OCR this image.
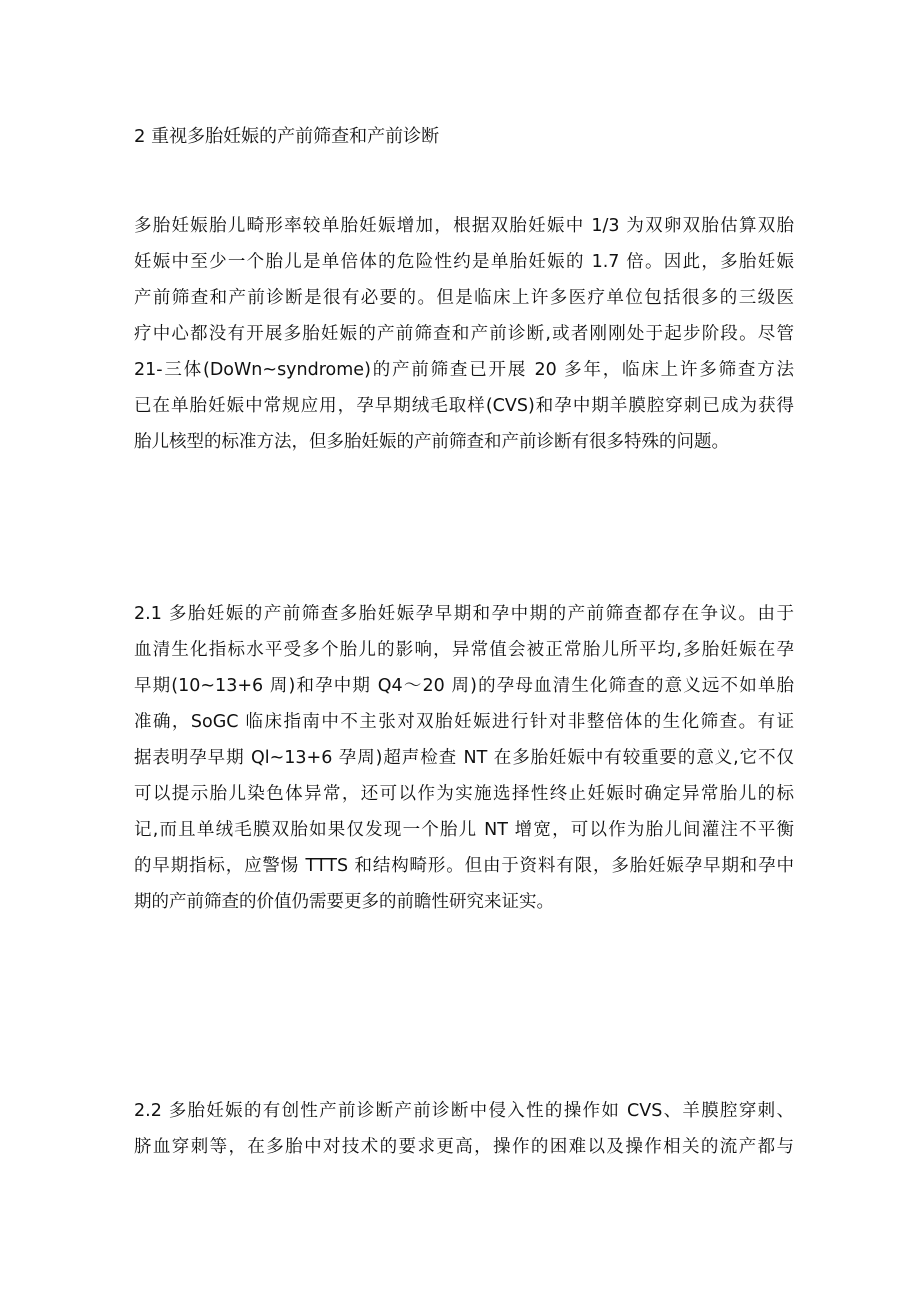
2 重视多胎妊娠的产前筛查和产前诊断
多胎妊娠胎儿畸形率较单胎妊娠增加，根据双胎妊娠中 1/3 为双卵双胎估算双胎
妊娠中至少一个胎儿是单倍体的危险性约是单胎妊娠的 1.7 倍。因此，多胎妊娠
产前筛查和产前诊断是很有必要的。但是临床上许多医疗单位包括很多的三级医
疗中心都没有开展多胎妊娠的产前筛查和产前诊断,或者刚刚处于起步阶段。尽管
21-三体(DoWn~syndrome)的产前筛查已开展 20 多年，临床上许多筛查方法
已在单胎妊娠中常规应用，孕早期绒毛取样(CVS)和孕中期羊膜腔穿刺已成为获得
胎儿核型的标准方法，但多胎妊娠的产前筛查和产前诊断有很多特殊的问题。
2.1 多胎妊娠的产前筛查多胎妊娠孕早期和孕中期的产前筛查都存在争议。由于
血清生化指标水平受多个胎儿的影响，异常值会被正常胎儿所平均,多胎妊娠在孕
早期(10~13+6 周)和孕中期 Q4～20 周)的孕母血清生化筛查的意义远不如单胎
准确，SoGC 临床指南中不主张对双胎妊娠进行针对非整倍体的生化筛查。有证
据表明孕早期 Ql~13+6 孕周)超声检查 NT 在多胎妊娠中有较重要的意义,它不仅
可以提示胎儿染色体异常，还可以作为实施选择性终止妊娠时确定异常胎儿的标
记,而且单绒毛膜双胎如果仅发现一个胎儿 NT 增宽，可以作为胎儿间灌注不平衡
的早期指标，应警惕 TTTS 和结构畸形。但由于资料有限，多胎妊娠孕早期和孕中
期的产前筛查的价值仍需要更多的前瞻性研究来证实。
2.2 多胎妊娠的有创性产前诊断产前诊断中侵入性的操作如 CVS、羊膜腔穿刺、
脐血穿刺等，在多胎中对技术的要求更高，操作的困难以及操作相关的流产都与
